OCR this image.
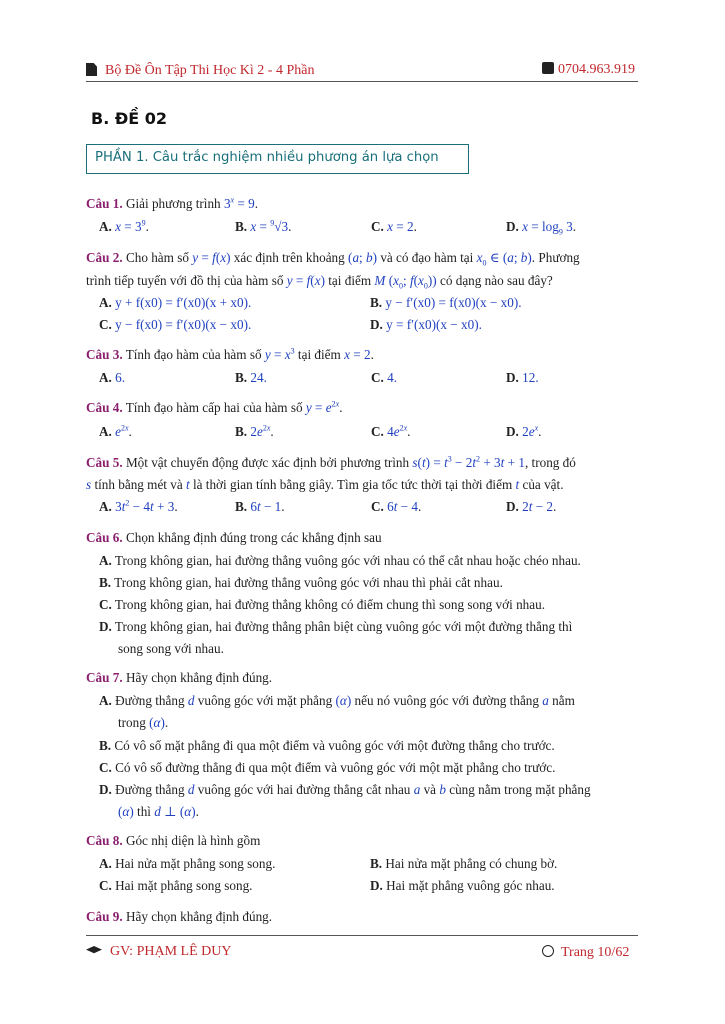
Bộ Đề Ôn Tập Thi Học Kì 2 - 4 Phần	0704.963.919
B. ĐỀ 02
PHẦN 1. Câu trắc nghiệm nhiều phương án lựa chọn
Câu 1. Giải phương trình $3^x = 9$.
A. $x = 3^9$.	B. x = $^9$√3.	C. x = 2.	D. $x = \log_9 3$.
Câu 2. Cho hàm số y = f(x) xác định trên khoảng (a; b) và có đạo hàm tại $x_0$ ∈ (a; b). Phương
trình tiếp tuyến với đồ thị của hàm số y = f(x) tại điểm M ($x_0$; $f(x_0)$) có dạng nào sau đây?
A. y + f(x0) = f′(x0)(x + x0).	B. y − f′(x0) = f(x0)(x − x0).
C. y − f(x0) = f′(x0)(x − x0).	D. y = f′(x0)(x − x0).
Câu 3. Tính đạo hàm của hàm số $y = x^3$ tại điểm x = 2.
A. 6.	B. 24.	C. 4.	D. 12.
Câu 4. Tính đạo hàm cấp hai của hàm số $y = e^{2x}$.
A. $e^{2x}$.	B. $2e^{2x}$.	C. $4e^{2x}$.	D. $2e^x$.
Câu 5. Một vật chuyển động được xác định bởi phương trình $s(t) = t^3 - 2t^2 + 3t + 1$, trong đó
s tính bằng mét và t là thời gian tính bằng giây. Tìm gia tốc tức thời tại thời điểm t của vật.
A. $3t^2 - 4t + 3$.	B. 6t − 1.	C. 6t − 4.	D. 2t − 2.
Câu 6. Chọn khẳng định đúng trong các khẳng định sau
A. Trong không gian, hai đường thẳng vuông góc với nhau có thể cắt nhau hoặc chéo nhau.
B. Trong không gian, hai đường thẳng vuông góc với nhau thì phải cắt nhau.
C. Trong không gian, hai đường thẳng không có điểm chung thì song song với nhau.
D. Trong không gian, hai đường thẳng phân biệt cùng vuông góc với một đường thẳng thì
song song với nhau.
Câu 7. Hãy chọn khẳng định đúng.
A. Đường thẳng d vuông góc với mặt phẳng (α) nếu nó vuông góc với đường thẳng a nằm
trong (α).
B. Có vô số mặt phẳng đi qua một điểm và vuông góc với một đường thẳng cho trước.
C. Có vô số đường thẳng đi qua một điểm và vuông góc với một mặt phẳng cho trước.
D. Đường thẳng d vuông góc với hai đường thẳng cắt nhau a và b cùng nằm trong mặt phẳng
(α) thì d ⊥ (α).
Câu 8. Góc nhị diện là hình gồm
A. Hai nửa mặt phẳng song song.	B. Hai nửa mặt phẳng có chung bờ.
C. Hai mặt phẳng song song.	D. Hai mặt phẳng vuông góc nhau.
Câu 9. Hãy chọn khẳng định đúng.
GV: PHẠM LÊ DUY	Trang 10/62
